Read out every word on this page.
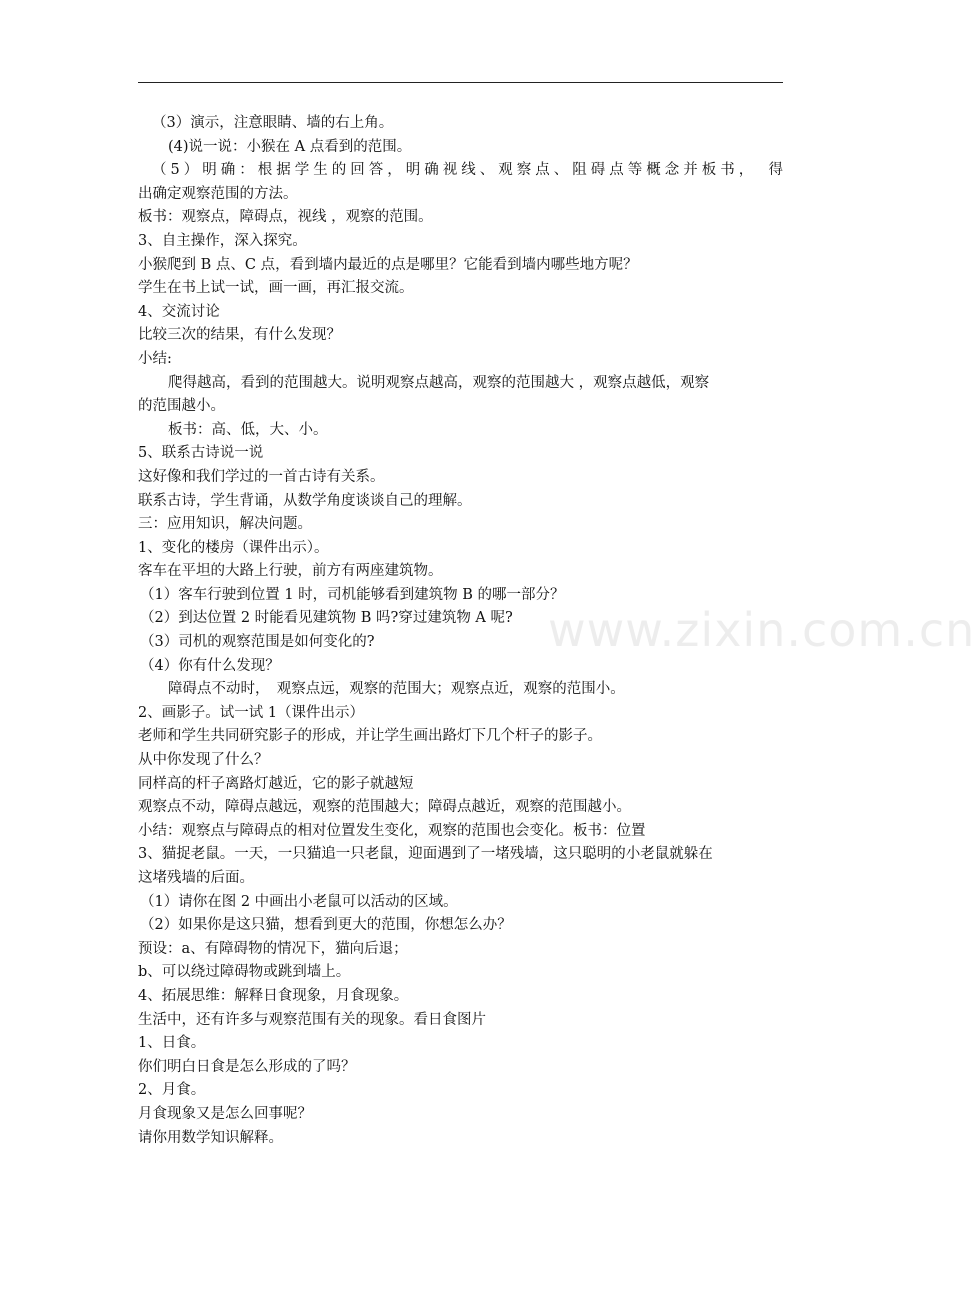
www.zixin.com.cn
（3）演示，注意眼睛、墙的右上角。
(4)说一说：小猴在 A 点看到的范围。
（5）明确：根据学生的回答，明确视线、观察点、阻碍点等概念并板书，　得
出确定观察范围的方法。
板书：观察点，障碍点，视线 ，观察的范围。
3、自主操作，深入探究。
小猴爬到 B 点、C 点，看到墙内最近的点是哪里？它能看到墙内哪些地方呢？
学生在书上试一试，画一画，再汇报交流。
4、交流讨论
比较三次的结果，有什么发现？
小结:
爬得越高，看到的范围越大。说明观察点越高，观察的范围越大 ，观察点越低，观察
的范围越小。
板书：高、低，大、小。
5、联系古诗说一说
这好像和我们学过的一首古诗有关系。
联系古诗，学生背诵，从数学角度谈谈自己的理解。
三：应用知识，解决问题。
1、变化的楼房（课件出示）。
客车在平坦的大路上行驶，前方有两座建筑物。
（1）客车行驶到位置 1 时，司机能够看到建筑物 B 的哪一部分？
（2）到达位置 2 时能看见建筑物 B 吗?穿过建筑物 A 呢?
（3）司机的观察范围是如何变化的?
（4）你有什么发现？
障碍点不动时，　观察点远，观察的范围大；观察点近，观察的范围小。
2、画影子。试一试 1（课件出示）
老师和学生共同研究影子的形成，并让学生画出路灯下几个杆子的影子。
从中你发现了什么？
同样高的杆子离路灯越近，它的影子就越短
观察点不动，障碍点越远，观察的范围越大；障碍点越近，观察的范围越小。
小结：观察点与障碍点的相对位置发生变化，观察的范围也会变化。板书：位置
3、猫捉老鼠。一天，一只猫追一只老鼠，迎面遇到了一堵残墙，这只聪明的小老鼠就躲在
这堵残墙的后面。
（1）请你在图 2 中画出小老鼠可以活动的区域。
（2）如果你是这只猫，想看到更大的范围，你想怎么办？
预设：a、有障碍物的情况下，猫向后退；
b、可以绕过障碍物或跳到墙上。
4、拓展思维：解释日食现象，月食现象。
生活中，还有许多与观察范围有关的现象。看日食图片
1、日食。
你们明白日食是怎么形成的了吗？
2、月食。
月食现象又是怎么回事呢？
请你用数学知识解释。
